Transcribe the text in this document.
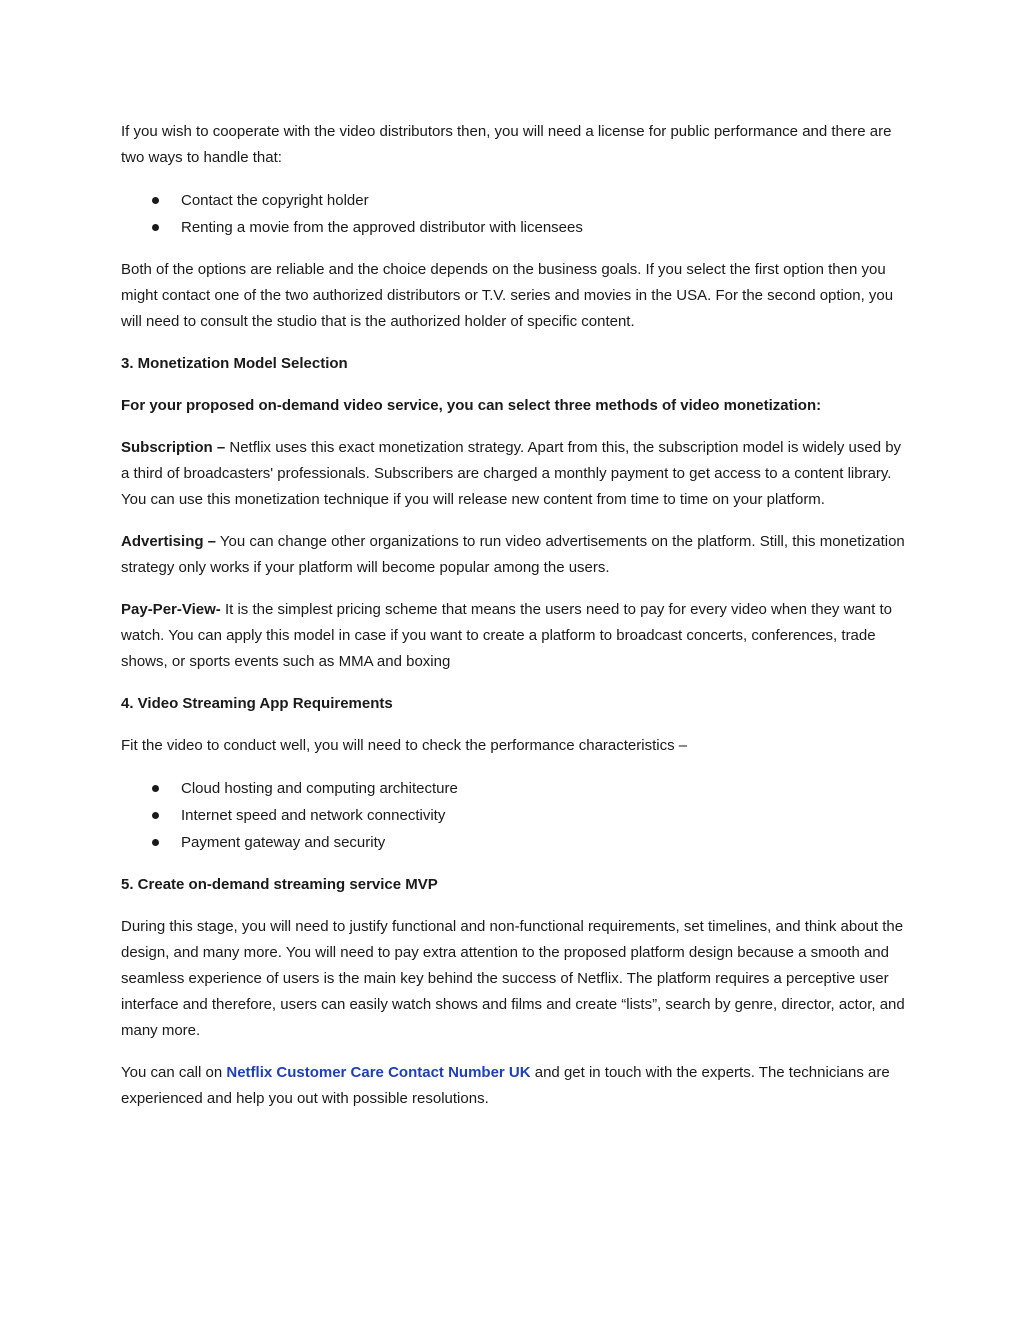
If you wish to cooperate with the video distributors then, you will need a license for public performance and there are two ways to handle that:

Contact the copyright holder
Renting a movie from the approved distributor with licensees

Both of the options are reliable and the choice depends on the business goals. If you select the first option then you might contact one of the two authorized distributors or T.V. series and movies in the USA. For the second option, you will need to consult the studio that is the authorized holder of specific content.

3. Monetization Model Selection

For your proposed on-demand video service, you can select three methods of video monetization:

Subscription – Netflix uses this exact monetization strategy. Apart from this, the subscription model is widely used by a third of broadcasters' professionals. Subscribers are charged a monthly payment to get access to a content library. You can use this monetization technique if you will release new content from time to time on your platform.

Advertising – You can change other organizations to run video advertisements on the platform. Still, this monetization strategy only works if your platform will become popular among the users.

Pay-Per-View- It is the simplest pricing scheme that means the users need to pay for every video when they want to watch. You can apply this model in case if you want to create a platform to broadcast concerts, conferences, trade shows, or sports events such as MMA and boxing

4. Video Streaming App Requirements

Fit the video to conduct well, you will need to check the performance characteristics –

Cloud hosting and computing architecture
Internet speed and network connectivity
Payment gateway and security

5. Create on-demand streaming service MVP

During this stage, you will need to justify functional and non-functional requirements, set timelines, and think about the design, and many more. You will need to pay extra attention to the proposed platform design because a smooth and seamless experience of users is the main key behind the success of Netflix. The platform requires a perceptive user interface and therefore, users can easily watch shows and films and create “lists”, search by genre, director, actor, and many more.

You can call on Netflix Customer Care Contact Number UK and get in touch with the experts. The technicians are experienced and help you out with possible resolutions.
